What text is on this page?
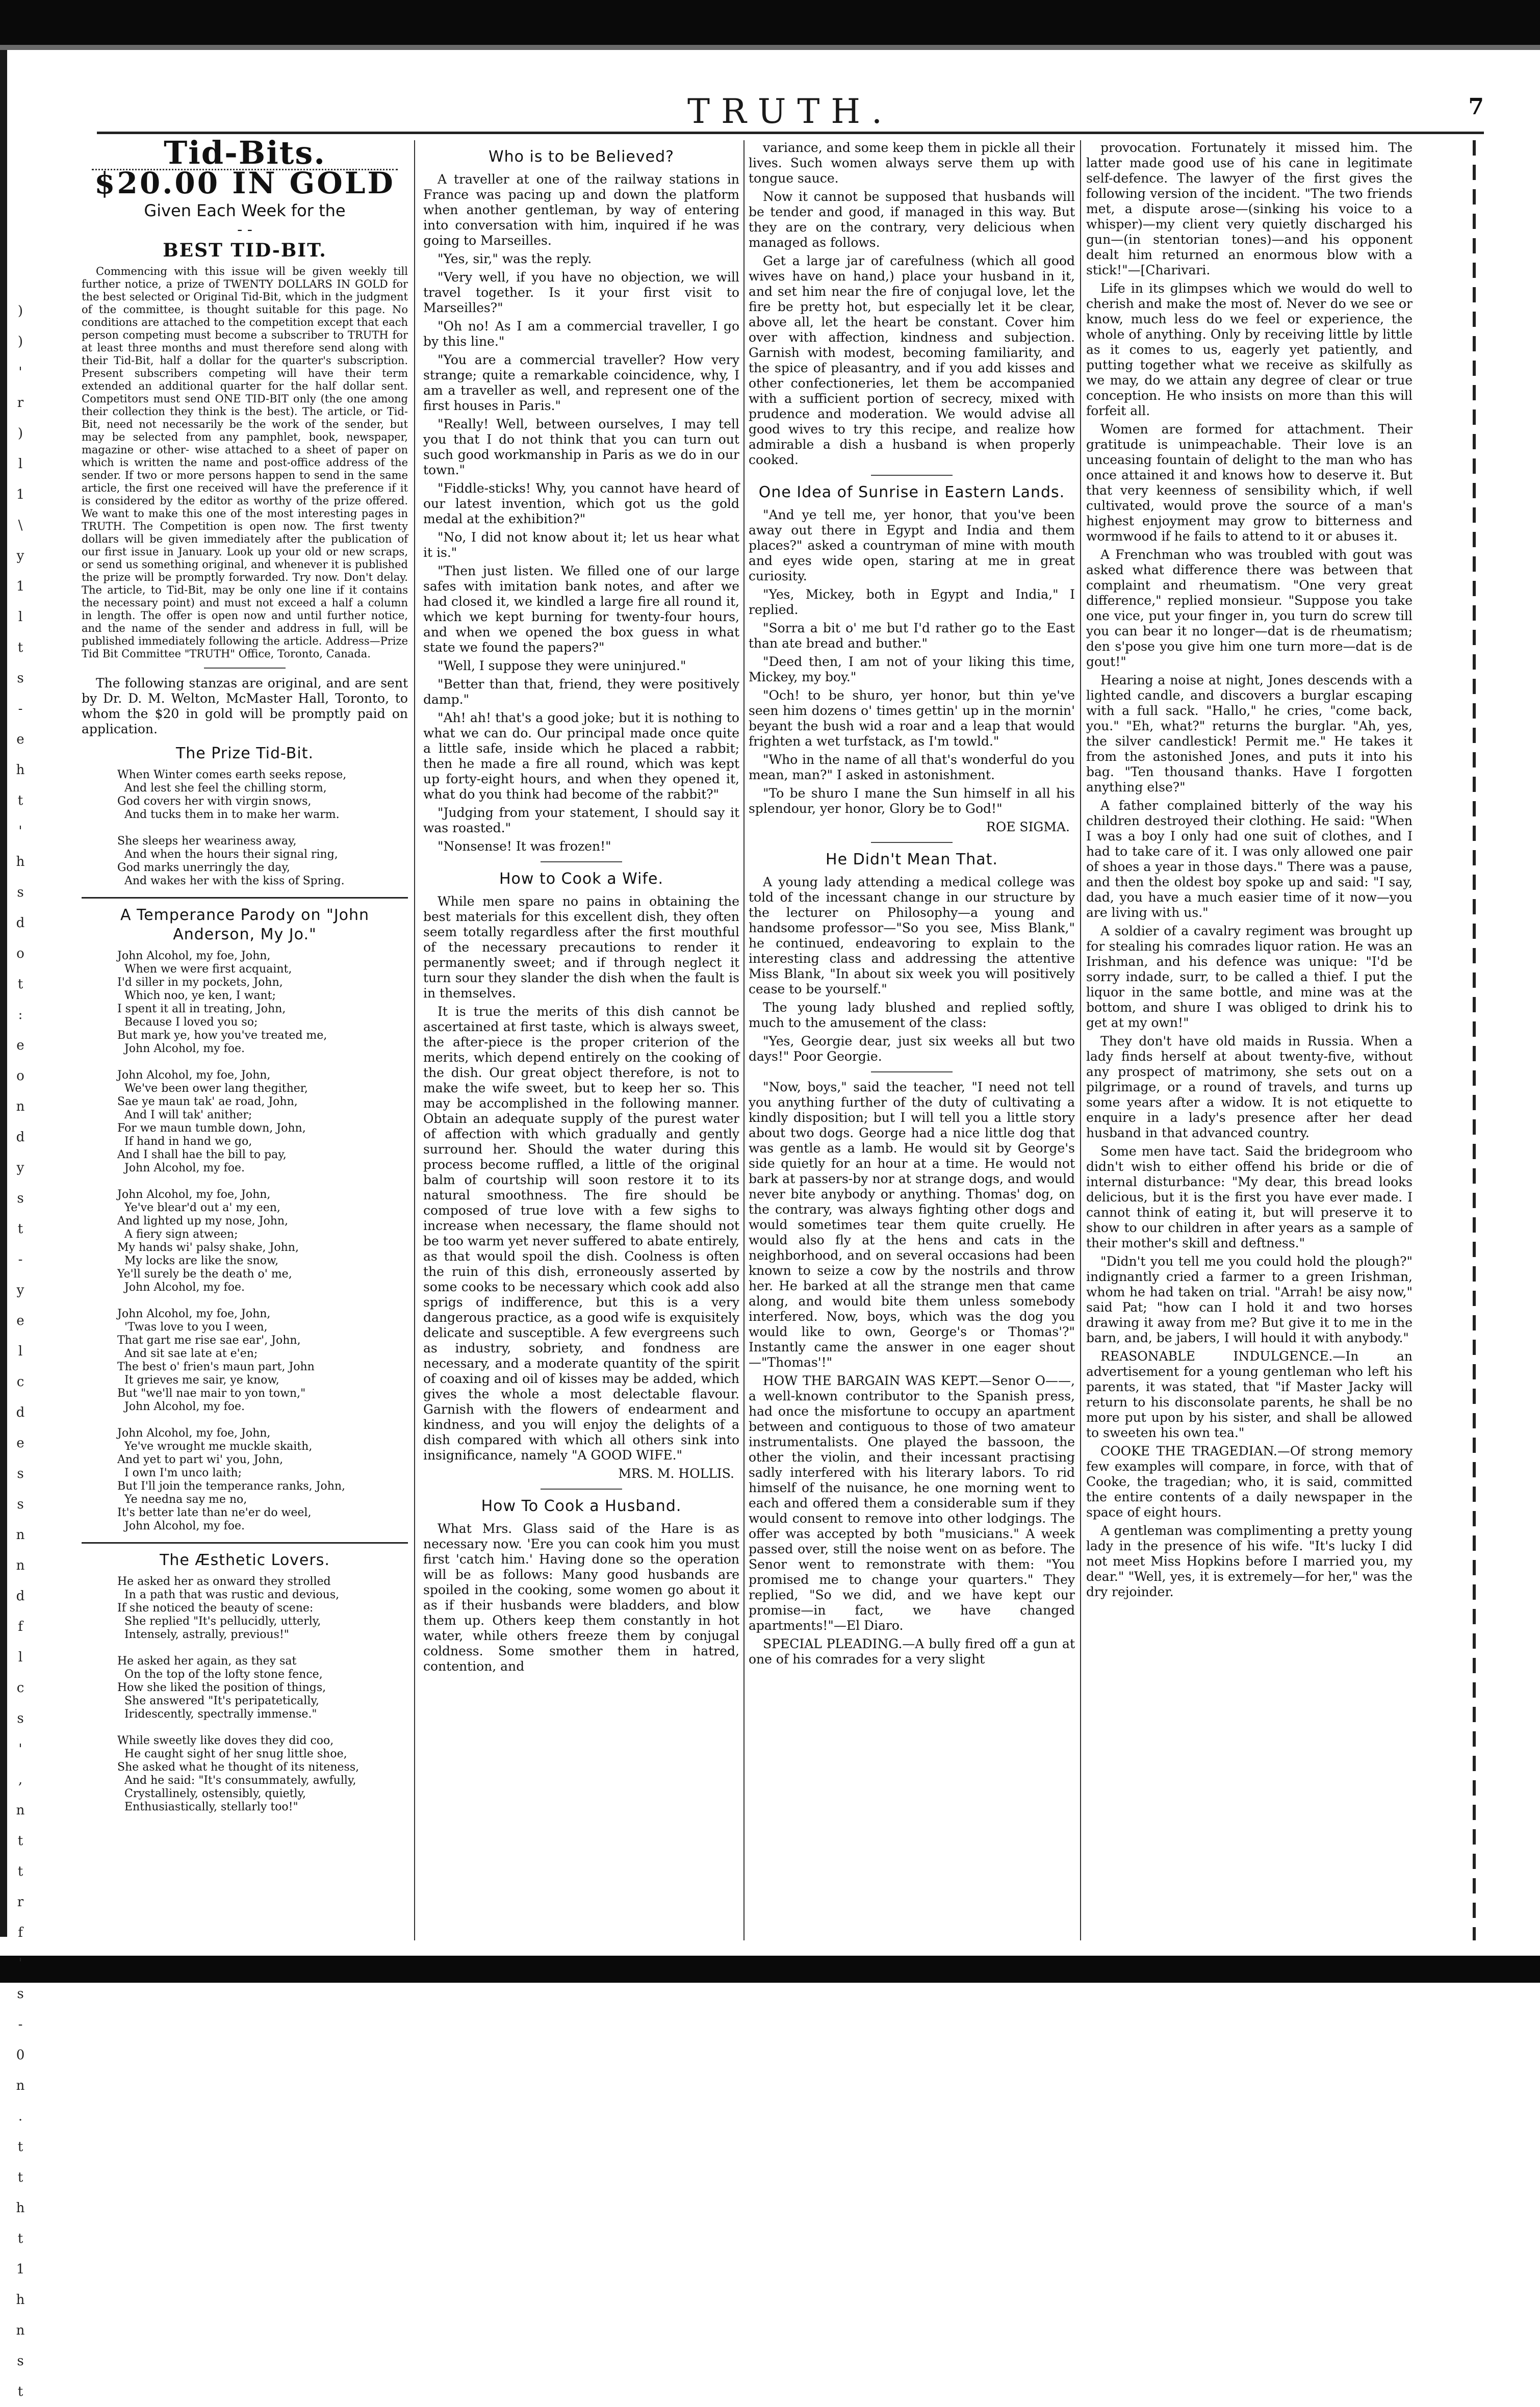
)
)
'
r
)
l
1
\
y
1
l
t
s
-
e
h
t
'
h
s
d
o
t
:
e
o
n
d
y
s
t
-
y
e
l
c
d
e
s
s
n
n
d
f
l
c
s
'
,
n
t
t
r
f
'
s
-
0
n
.
t
t
h
t
1
h
n
s
t
TRUTH.	7
Tid-Bits.
$20.00 IN GOLD
Given Each Week for the
- -
BEST TID-BIT.

Commencing with this issue will be given weekly till further notice, a prize of TWENTY DOLLARS IN GOLD for the best selected or Original Tid-Bit, which in the judgment of the committee, is thought suitable for this page. No conditions are attached to the competition except that each person competing must become a subscriber to TRUTH for at least three months and must therefore send along with their Tid-Bit, half a dollar for the quarter's subscription. Present subscribers competing will have their term extended an additional quarter for the half dollar sent. Competitors must send ONE TID-BIT only (the one among their collection they think is the best). The article, or Tid-Bit, need not necessarily be the work of the sender, but may be selected from any pamphlet, book, newspaper, magazine or other- wise attached to a sheet of paper on which is written the name and post-office address of the sender. If two or more persons happen to send in the same article, the first one received will have the preference if it is considered by the editor as worthy of the prize offered. We want to make this one of the most interesting pages in TRUTH. The Competition is open now. The first twenty dollars will be given immediately after the publication of our first issue in January. Look up your old or new scraps, or send us something original, and whenever it is published the prize will be promptly forwarded. Try now. Don't delay. The article, to Tid-Bit, may be only one line if it contains the necessary point) and must not exceed a half a column in length. The offer is open now and until further notice, and the name of the sender and address in full, will be published immediately following the article. Address—Prize Tid Bit Committee "TRUTH" Office, Toronto, Canada.

The following stanzas are original, and are sent by Dr. D. M. Welton, McMaster Hall, Toronto, to whom the $20 in gold will be promptly paid on application.

The Prize Tid-Bit.
When Winter comes earth seeks repose,
And lest she feel the chilling storm,
God covers her with virgin snows,
And tucks them in to make her warm.

She sleeps her weariness away,
And when the hours their signal ring,
God marks unerringly the day,
And wakes her with the kiss of Spring.
A Temperance Parody on "John Anderson, My Jo."
John Alcohol, my foe, John,
When we were first acquaint,
I'd siller in my pockets, John,
Which noo, ye ken, I want;
I spent it all in treating, John,
Because I loved you so;
But mark ye, how you've treated me,
John Alcohol, my foe.

John Alcohol, my foe, John,
We've been ower lang thegither,
Sae ye maun tak' ae road, John,
And I will tak' anither;
For we maun tumble down, John,
If hand in hand we go,
And I shall hae the bill to pay,
John Alcohol, my foe.

John Alcohol, my foe, John,
Ye've blear'd out a' my een,
And lighted up my nose, John,
A fiery sign atween;
My hands wi' palsy shake, John,
My locks are like the snow,
Ye'll surely be the death o' me,
John Alcohol, my foe.

John Alcohol, my foe, John,
'Twas love to you I ween,
That gart me rise sae ear', John,
And sit sae late at e'en;
The best o' frien's maun part, John
It grieves me sair, ye know,
But "we'll nae mair to yon town,"
John Alcohol, my foe.

John Alcohol, my foe, John,
Ye've wrought me muckle skaith,
And yet to part wi' you, John,
I own I'm unco laith;
But I'll join the temperance ranks, John,
Ye needna say me no,
It's better late than ne'er do weel,
John Alcohol, my foe.
The Æsthetic Lovers.
He asked her as onward they strolled
In a path that was rustic and devious,
If she noticed the beauty of scene:
She replied "It's pellucidly, utterly,
Intensely, astrally, previous!"

He asked her again, as they sat
On the top of the lofty stone fence,
How she liked the position of things,
She answered "It's peripatetically,
Iridescently, spectrally immense."

While sweetly like doves they did coo,
He caught sight of her snug little shoe,
She asked what he thought of its niteness,
And he said: "It's consummately, awfully,
Crystallinely, ostensibly, quietly,
Enthusiastically, stellarly too!"
Who is to be Believed?

A traveller at one of the railway stations in France was pacing up and down the platform when another gentleman, by way of entering into conversation with him, inquired if he was going to Marseilles.

"Yes, sir," was the reply.

"Very well, if you have no objection, we will travel together. Is it your first visit to Marseilles?"

"Oh no! As I am a commercial traveller, I go by this line."

"You are a commercial traveller? How very strange; quite a remarkable coincidence, why, I am a traveller as well, and represent one of the first houses in Paris."

"Really! Well, between ourselves, I may tell you that I do not think that you can turn out such good workmanship in Paris as we do in our town."

"Fiddle-sticks! Why, you cannot have heard of our latest invention, which got us the gold medal at the exhibition?"

"No, I did not know about it; let us hear what it is."

"Then just listen. We filled one of our large safes with imitation bank notes, and after we had closed it, we kindled a large fire all round it, which we kept burning for twenty-four hours, and when we opened the box guess in what state we found the papers?"

"Well, I suppose they were uninjured."

"Better than that, friend, they were positively damp."

"Ah! ah! that's a good joke; but it is nothing to what we can do. Our principal made once quite a little safe, inside which he placed a rabbit; then he made a fire all round, which was kept up forty-eight hours, and when they opened it, what do you think had become of the rabbit?"

"Judging from your statement, I should say it was roasted."

"Nonsense! It was frozen!"

How to Cook a Wife.

While men spare no pains in obtaining the best materials for this excellent dish, they often seem totally regardless after the first mouthful of the necessary precautions to render it permanently sweet; and if through neglect it turn sour they slander the dish when the fault is in themselves.

It is true the merits of this dish cannot be ascertained at first taste, which is always sweet, the after-piece is the proper criterion of the merits, which depend entirely on the cooking of the dish. Our great object therefore, is not to make the wife sweet, but to keep her so. This may be accomplished in the following manner. Obtain an adequate supply of the purest water of affection with which gradually and gently surround her. Should the water during this process become ruffled, a little of the original balm of courtship will soon restore it to its natural smoothness. The fire should be composed of true love with a few sighs to increase when necessary, the flame should not be too warm yet never suffered to abate entirely, as that would spoil the dish. Coolness is often the ruin of this dish, erroneously asserted by some cooks to be necessary which cook add also sprigs of indifference, but this is a very dangerous practice, as a good wife is exquisitely delicate and susceptible. A few evergreens such as industry, sobriety, and fondness are necessary, and a moderate quantity of the spirit of coaxing and oil of kisses may be added, which gives the whole a most delectable flavour. Garnish with the flowers of endearment and kindness, and you will enjoy the delights of a dish compared with which all others sink into insignificance, namely "A GOOD WIFE."

MRS. M. HOLLIS.
How To Cook a Husband.

What Mrs. Glass said of the Hare is as necessary now. 'Ere you can cook him you must first 'catch him.' Having done so the operation will be as follows: Many good husbands are spoiled in the cooking, some women go about it as if their husbands were bladders, and blow them up. Others keep them constantly in hot water, while others freeze them by conjugal coldness. Some smother them in hatred, contention, and

variance, and some keep them in pickle all their lives. Such women always serve them up with tongue sauce.

Now it cannot be supposed that husbands will be tender and good, if managed in this way. But they are on the contrary, very delicious when managed as follows.

Get a large jar of carefulness (which all good wives have on hand,) place your husband in it, and set him near the fire of conjugal love, let the fire be pretty hot, but especially let it be clear, above all, let the heart be constant. Cover him over with affection, kindness and subjection. Garnish with modest, becoming familiarity, and the spice of pleasantry, and if you add kisses and other confectioneries, let them be accompanied with a sufficient portion of secrecy, mixed with prudence and moderation. We would advise all good wives to try this recipe, and realize how admirable a dish a husband is when properly cooked.

One Idea of Sunrise in Eastern Lands.

"And ye tell me, yer honor, that you've been away out there in Egypt and India and them places?" asked a countryman of mine with mouth and eyes wide open, staring at me in great curiosity.

"Yes, Mickey, both in Egypt and India," I replied.

"Sorra a bit o' me but I'd rather go to the East than ate bread and buther."

"Deed then, I am not of your liking this time, Mickey, my boy."

"Och! to be shuro, yer honor, but thin ye've seen him dozens o' times gettin' up in the mornin' beyant the bush wid a roar and a leap that would frighten a wet turfstack, as I'm towld."

"Who in the name of all that's wonderful do you mean, man?" I asked in astonishment.

"To be shuro I mane the Sun himself in all his splendour, yer honor, Glory be to God!"

ROE SIGMA.
He Didn't Mean That.

A young lady attending a medical college was told of the incessant change in our structure by the lecturer on Philosophy—a young and handsome professor—"So you see, Miss Blank," he continued, endeavoring to explain to the interesting class and addressing the attentive Miss Blank, "In about six week you will positively cease to be yourself."

The young lady blushed and replied softly, much to the amusement of the class:

"Yes, Georgie dear, just six weeks all but two days!" Poor Georgie.

"Now, boys," said the teacher, "I need not tell you anything further of the duty of cultivating a kindly disposition; but I will tell you a little story about two dogs. George had a nice little dog that was gentle as a lamb. He would sit by George's side quietly for an hour at a time. He would not bark at passers-by nor at strange dogs, and would never bite anybody or anything. Thomas' dog, on the contrary, was always fighting other dogs and would sometimes tear them quite cruelly. He would also fly at the hens and cats in the neighborhood, and on several occasions had been known to seize a cow by the nostrils and throw her. He barked at all the strange men that came along, and would bite them unless somebody interfered. Now, boys, which was the dog you would like to own, George's or Thomas'?" Instantly came the answer in one eager shout—"Thomas'!"

HOW THE BARGAIN WAS KEPT.—Senor O——, a well-known contributor to the Spanish press, had once the misfortune to occupy an apartment between and contiguous to those of two amateur instrumentalists. One played the bassoon, the other the violin, and their incessant practising sadly interfered with his literary labors. To rid himself of the nuisance, he one morning went to each and offered them a considerable sum if they would consent to remove into other lodgings. The offer was accepted by both "musicians." A week passed over, still the noise went on as before. The Senor went to remonstrate with them: "You promised me to change your quarters." They replied, "So we did, and we have kept our promise—in fact, we have changed apartments!"—El Diaro.

SPECIAL PLEADING.—A bully fired off a gun at one of his comrades for a very slight

provocation. Fortunately it missed him. The latter made good use of his cane in legitimate self-defence. The lawyer of the first gives the following version of the incident. "The two friends met, a dispute arose—(sinking his voice to a whisper)—my client very quietly discharged his gun—(in stentorian tones)—and his opponent dealt him returned an enormous blow with a stick!"—[Charivari.

Life in its glimpses which we would do well to cherish and make the most of. Never do we see or know, much less do we feel or experience, the whole of anything. Only by receiving little by little as it comes to us, eagerly yet patiently, and putting together what we receive as skilfully as we may, do we attain any degree of clear or true conception. He who insists on more than this will forfeit all.

Women are formed for attachment. Their gratitude is unimpeachable. Their love is an unceasing fountain of delight to the man who has once attained it and knows how to deserve it. But that very keenness of sensibility which, if well cultivated, would prove the source of a man's highest enjoyment may grow to bitterness and wormwood if he fails to attend to it or abuses it.

A Frenchman who was troubled with gout was asked what difference there was between that complaint and rheumatism. "One very great difference," replied monsieur. "Suppose you take one vice, put your finger in, you turn do screw till you can bear it no longer—dat is de rheumatism; den s'pose you give him one turn more—dat is de gout!"

Hearing a noise at night, Jones descends with a lighted candle, and discovers a burglar escaping with a full sack. "Hallo," he cries, "come back, you." "Eh, what?" returns the burglar. "Ah, yes, the silver candlestick! Permit me." He takes it from the astonished Jones, and puts it into his bag. "Ten thousand thanks. Have I forgotten anything else?"

A father complained bitterly of the way his children destroyed their clothing. He said: "When I was a boy I only had one suit of clothes, and I had to take care of it. I was only allowed one pair of shoes a year in those days." There was a pause, and then the oldest boy spoke up and said: "I say, dad, you have a much easier time of it now—you are living with us."

A soldier of a cavalry regiment was brought up for stealing his comrades liquor ration. He was an Irishman, and his defence was unique: "I'd be sorry indade, surr, to be called a thief. I put the liquor in the same bottle, and mine was at the bottom, and shure I was obliged to drink his to get at my own!"

They don't have old maids in Russia. When a lady finds herself at about twenty-five, without any prospect of matrimony, she sets out on a pilgrimage, or a round of travels, and turns up some years after a widow. It is not etiquette to enquire in a lady's presence after her dead husband in that advanced country.

Some men have tact. Said the bridegroom who didn't wish to either offend his bride or die of internal disturbance: "My dear, this bread looks delicious, but it is the first you have ever made. I cannot think of eating it, but will preserve it to show to our children in after years as a sample of their mother's skill and deftness."

"Didn't you tell me you could hold the plough?" indignantly cried a farmer to a green Irishman, whom he had taken on trial. "Arrah! be aisy now," said Pat; "how can I hold it and two horses drawing it away from me? But give it to me in the barn, and, be jabers, I will hould it with anybody."

REASONABLE INDULGENCE.—In an advertisement for a young gentleman who left his parents, it was stated, that "if Master Jacky will return to his disconsolate parents, he shall be no more put upon by his sister, and shall be allowed to sweeten his own tea."

COOKE THE TRAGEDIAN.—Of strong memory few examples will compare, in force, with that of Cooke, the tragedian; who, it is said, committed the entire contents of a daily newspaper in the space of eight hours.

A gentleman was complimenting a pretty young lady in the presence of his wife. "It's lucky I did not meet Miss Hopkins before I married you, my dear." "Well, yes, it is extremely—for her," was the dry rejoinder.
